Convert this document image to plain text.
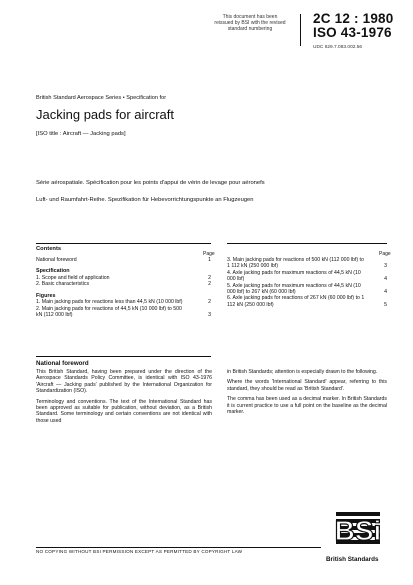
This document has been
reissued by BSI with the revised
standard numbering
2C 12 : 1980
ISO 43-1976
UDC 629.7.083.002.56
British Standard Aerospace Series • Specification for
Jacking pads for aircraft
[ISO title : Aircraft — Jacking pads]
Série aérospatiale. Spécification pour les points d'appui de vérin de levage pour aéronefs
Luft- und Raumfahrt-Reihe. Spezifikation für Hebevorrichtungspunkte an Flugzeugen
Contents
Page	Page
National foreword	1
Specification
1. Scope and field of application	2
2. Basic characteristics	2
Figures
1. Main jacking pads for reactions less than 44,5 kN (10 000 lbf)	2
2. Main jacking pads for reactions of 44,5 kN (10 000 lbf) to 500 kN (112 000 lbf)	3
3. Main jacking pads for reactions of 500 kN (112 000 lbf) to 1 112 kN (250 000 lbf)	3
4. Axle jacking pads for maximum reactions of 44,5 kN (10 000 lbf)	4
5. Axle jacking pads for maximum reactions of 44,5 kN (10 000 lbf) to 267 kN (60 000 lbf)	4
6. Axle jacking pads for reactions of 267 kN (60 000 lbf) to 1 112 kN (250 000 lbf)	5
National foreword

This British Standard, having been prepared under the direction of the Aerospace Standards Policy Committee, is identical with ISO 43-1976 'Aircraft — Jacking pads' published by the International Organization for Standardization (ISO).

Terminology and conventions. The text of the International Standard has been approved as suitable for publication, without deviation, as a British Standard. Some terminology and certain conventions are not identical with those used

in British Standards; attention is especially drawn to the following.

Where the words 'International Standard' appear, referring to this standard, they should be read as 'British Standard'.

The comma has been used as a decimal marker. In British Standards it is current practice to use a full point on the baseline as the decimal marker.

BSi
British Standards
NO COPYING WITHOUT BSI PERMISSION EXCEPT AS PERMITTED BY COPYRIGHT LAW
